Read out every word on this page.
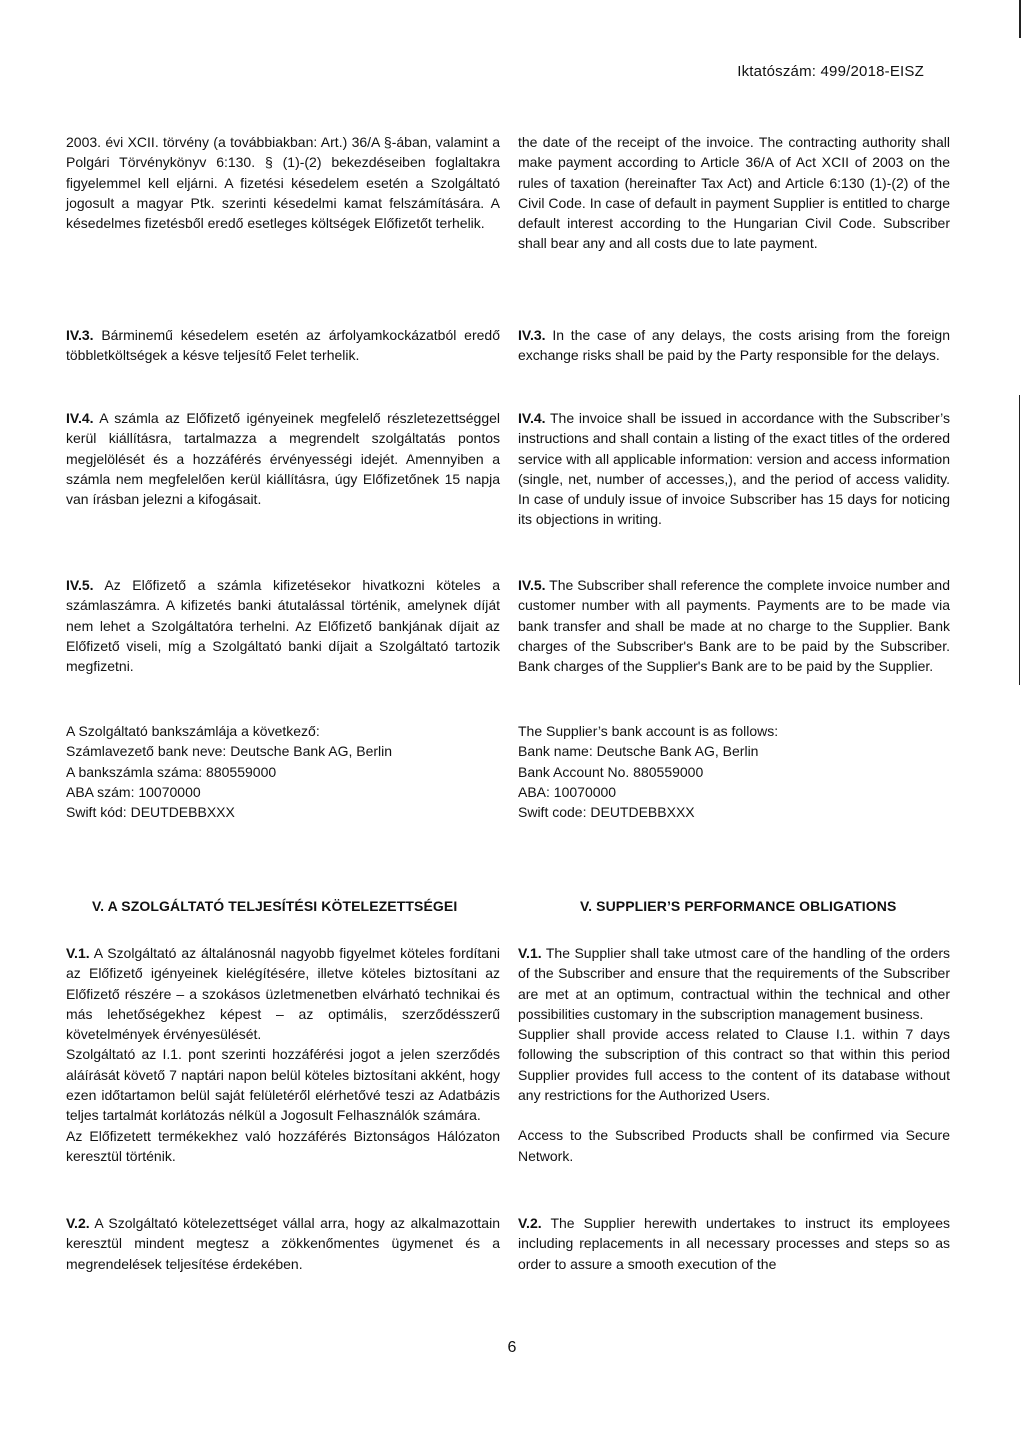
Iktatószám: 499/2018-EISZ

2003. évi XCII. törvény (a továbbiakban: Art.) 36/A §-ában, valamint a Polgári Törvénykönyv 6:130. § (1)-(2) bekezdéseiben foglaltakra figyelemmel kell eljárni. A fizetési késedelem esetén a Szolgáltató jogosult a magyar Ptk. szerinti késedelmi kamat felszámítására. A késedelmes fizetésből eredő esetleges költségek Előfizetőt terhelik.

the date of the receipt of the invoice. The contracting authority shall make payment according to Article 36/A of Act XCII of 2003 on the rules of taxation (hereinafter Tax Act) and Article 6:130 (1)-(2) of the Civil Code. In case of default in payment Supplier is entitled to charge default interest according to the Hungarian Civil Code. Subscriber shall bear any and all costs due to late payment.

IV.3. Bárminemű késedelem esetén az árfolyamkockázatból eredő többletköltségek a késve teljesítő Felet terhelik.

IV.3. In the case of any delays, the costs arising from the foreign exchange risks shall be paid by the Party responsible for the delays.

IV.4. A számla az Előfizető igényeinek megfelelő részletezettséggel kerül kiállításra, tartalmazza a megrendelt szolgáltatás pontos megjelölését és a hozzáférés érvényességi idejét. Amennyiben a számla nem megfelelően kerül kiállításra, úgy Előfizetőnek 15 napja van írásban jelezni a kifogásait.

IV.4. The invoice shall be issued in accordance with the Subscriber’s instructions and shall contain a listing of the exact titles of the ordered service with all applicable information: version and access information (single, net, number of accesses,), and the period of access validity. In case of unduly issue of invoice Subscriber has 15 days for noticing its objections in writing.

IV.5. Az Előfizető a számla kifizetésekor hivatkozni köteles a számlaszámra. A kifizetés banki átutalással történik, amelynek díját nem lehet a Szolgáltatóra terhelni. Az Előfizető bankjának díjait az Előfizető viseli, míg a Szolgáltató banki díjait a Szolgáltató tartozik megfizetni.

IV.5. The Subscriber shall reference the complete invoice number and customer number with all payments. Payments are to be made via bank transfer and shall be made at no charge to the Supplier. Bank charges of the Subscriber's Bank are to be paid by the Subscriber. Bank charges of the Supplier's Bank are to be paid by the Supplier.

A Szolgáltató bankszámlája a következő:
Számlavezető bank neve: Deutsche Bank AG, Berlin
A bankszámla száma: 880559000
ABA szám: 10070000
Swift kód: DEUTDEBBXXX
The Supplier’s bank account is as follows:
Bank name: Deutsche Bank AG, Berlin
Bank Account No. 880559000
ABA: 10070000
Swift code: DEUTDEBBXXX
V. A SZOLGÁLTATÓ TELJESÍTÉSI KÖTELEZETTSÉGEI	V. SUPPLIER’S PERFORMANCE OBLIGATIONS

V.1. A Szolgáltató az általánosnál nagyobb figyelmet köteles fordítani az Előfizető igényeinek kielégítésére, illetve köteles biztosítani az Előfizető részére – a szokásos üzletmenetben elvárható technikai és más lehetőségekhez képest – az optimális, szerződésszerű követelmények érvényesülését.

Szolgáltató az I.1. pont szerinti hozzáférési jogot a jelen szerződés aláírását követő 7 naptári napon belül köteles biztosítani akként, hogy ezen időtartamon belül saját felületéről elérhetővé teszi az Adatbázis teljes tartalmát korlátozás nélkül a Jogosult Felhasználók számára.

Az Előfizetett termékekhez való hozzáférés Biztonságos Hálózaton keresztül történik.

V.1. The Supplier shall take utmost care of the handling of the orders of the Subscriber and ensure that the requirements of the Subscriber are met at an optimum, contractual within the technical and other possibilities customary in the subscription management business.

Supplier shall provide access related to Clause I.1. within 7 days following the subscription of this contract so that within this period Supplier provides full access to the content of its database without any restrictions for the Authorized Users.

Access to the Subscribed Products shall be confirmed via Secure Network.

V.2. A Szolgáltató kötelezettséget vállal arra, hogy az alkalmazottain keresztül mindent megtesz a zökkenőmentes ügymenet és a megrendelések teljesítése érdekében.

V.2. The Supplier herewith undertakes to instruct its employees including replacements in all necessary processes and steps so as order to assure a smooth execution of the

6
